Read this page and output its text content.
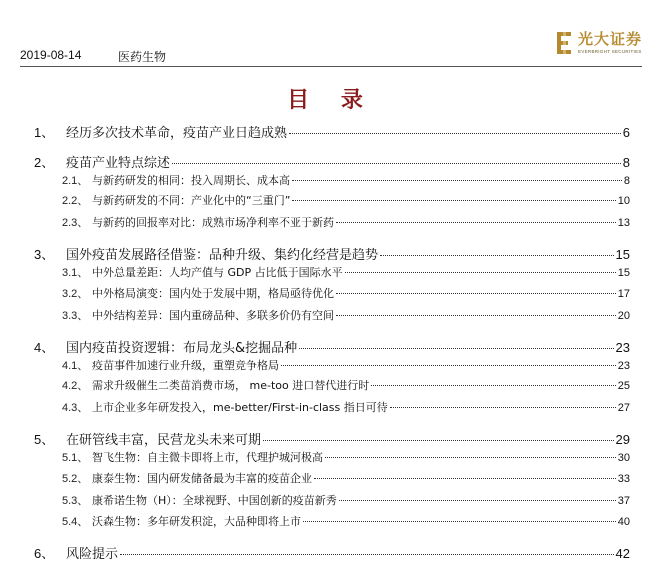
2019-08-14	医药生物
光大证券
EVERBRIGHT SECURITIES
目 录
1、 经历多次技术革命，疫苗产业日趋成熟	6
2、 疫苗产业特点综述	8
2.1、 与新药研发的相同：投入周期长、成本高	8
2.2、 与新药研发的不同：产业化中的“三重门”	10
2.3、 与新药的回报率对比：成熟市场净利率不亚于新药	13
3、 国外疫苗发展路径借鉴：品种升级、集约化经营是趋势	15
3.1、 中外总量差距：人均产值与 GDP 占比低于国际水平	15
3.2、 中外格局演变：国内处于发展中期，格局亟待优化	17
3.3、 中外结构差异：国内重磅品种、多联多价仍有空间	20
4、 国内疫苗投资逻辑：布局龙头&挖掘品种	23
4.1、 疫苗事件加速行业升级，重塑竞争格局	23
4.2、 需求升级催生二类苗消费市场， me-too 进口替代进行时	25
4.3、 上市企业多年研发投入，me-better/First-in-class 指日可待	27
5、 在研管线丰富，民营龙头未来可期	29
5.1、 智飞生物：自主微卡即将上市，代理护城河极高	30
5.2、 康泰生物：国内研发储备最为丰富的疫苗企业	33
5.3、 康希诺生物（H）：全球视野、中国创新的疫苗新秀	37
5.4、 沃森生物：多年研发积淀，大品种即将上市	40
6、 风险提示	42
